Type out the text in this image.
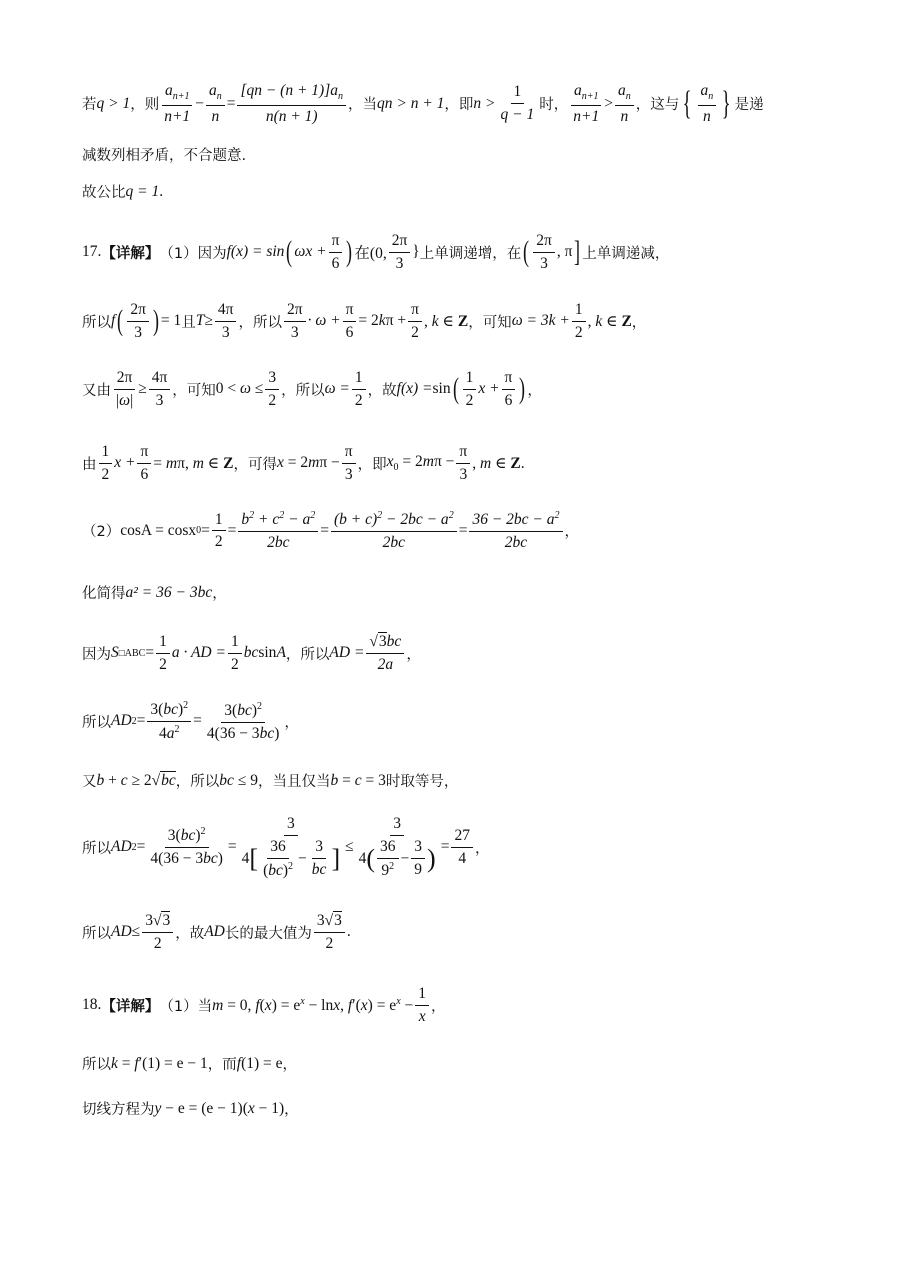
若 q > 1 ， 则 $\frac{a_{n+1}}{n+1} - \frac{a_n}{n} = \frac{[qn - (n + 1)]a_n}{n(n + 1)}$ ， 当 qn > n + 1 ， 即 $n > \frac{1}{q - 1}$ 时 ， $\frac{a_{n+1}}{n+1} > \frac{a_n}{n}$ ， 这与 { $\frac{a_n}{n}$ } 是递
减数列相矛盾，不合题意.
故公比 q = 1 .
17. 【详解】 （1）因为 f(x) = sin ( $\omega x + \frac{\pi}{6}$ ) 在(0, $\frac{2\pi}{3}$ } 上单调递增，在 ( $\frac{2\pi}{3}$ , π ] 上单调递减，
所以 f ( $\frac{2\pi}{3}$ ) = 1 且 $T \ge \frac{4\pi}{3}$ ， 所以 $\frac{2\pi}{3} \cdot \omega + \frac{\pi}{6} = 2k\pi + \frac{\pi}{2}$ , k ∈ Z ， 可知 $\omega = 3k + \frac{1}{2}$ , k ∈ Z ，
又由 $\frac{2\pi}{|\omega|} \ge \frac{4\pi}{3}$ ， 可知 $0 < \omega \le \frac{3}{2}$ ， 所以 $\omega = \frac{1}{2}$ ， 故 f(x) = sin ( $\frac{1}{2}$ $x + \frac{\pi}{6}$ ) ，
由 $\frac{1}{2}$ $x + \frac{\pi}{6} = m\pi$, m ∈ Z ， 可得 $x = 2m\pi - \frac{\pi}{3}$ ， 即 $x_0 = 2m\pi - \frac{\pi}{3}$ , m ∈ Z.
（2） cosA = cosx $0 = \frac{1}{2} = \frac{b^2 + c^2 - a^2}{2bc} = \frac{(b + c)^2 - 2bc - a^2}{2bc} = \frac{36 - 2bc - a^2}{2bc}$ ，
化简得 a² = 36 − 3bc ，
因为 S □ABC = $\frac{1}{2}$ a · AD = $\frac{1}{2}$ bc sinA ， 所以 AD = $\frac{√3bc}{2a}$ ，
所以 AD $2 = \frac{3(bc)^2}{4a^2} = \frac{3(bc)^2}{4(36 - 3bc)}$ ，
又 b + c ≥ 2√bc ， 所以 bc ≤ 9 ， 当且仅当 b = c = 3 时取等号，
所以 AD $2 = \frac{3(bc)^2}{4(36 - 3bc)} = \frac{3}{4 [ \frac{36}{(bc)^2} - \frac{3}{bc} ]} \le \frac{3}{4 ( \frac{36}{9^2} - \frac{3}{9} )} = \frac{27}{4}$ ，
所以 AD ≤ $\frac{3√3}{2}$ ， 故 AD 长的最大值为 $\frac{3√3}{2}$ .
18. 【详解】 （1）当 m = 0, $f(x) = e^x - \ln x$, $f'(x) = e^x - \frac{1}{x}$ ，
所以 k = f′(1) = e − 1 ， 而 f(1) = e ，
切线方程为 y − e = (e − 1)(x − 1) ，
